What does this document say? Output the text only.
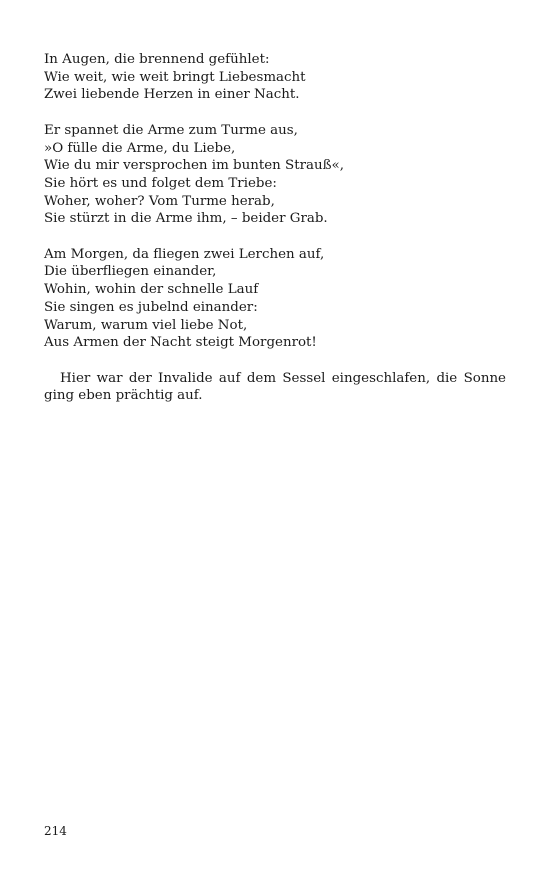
In Augen, die brennend gefühlet:
Wie weit, wie weit bringt Liebesmacht
Zwei liebende Herzen in einer Nacht.
Er spannet die Arme zum Turme aus,
»O fülle die Arme, du Liebe,
Wie du mir versprochen im bunten Strauß«,
Sie hört es und folget dem Triebe:
Woher, woher? Vom Turme herab,
Sie stürzt in die Arme ihm, – beider Grab.
Am Morgen, da fliegen zwei Lerchen auf,
Die überfliegen einander,
Wohin, wohin der schnelle Lauf
Sie singen es jubelnd einander:
Warum, warum viel liebe Not,
Aus Armen der Nacht steigt Morgenrot!

Hier war der Invalide auf dem Sessel eingeschlafen, die Sonne ging eben prächtig auf.

214
